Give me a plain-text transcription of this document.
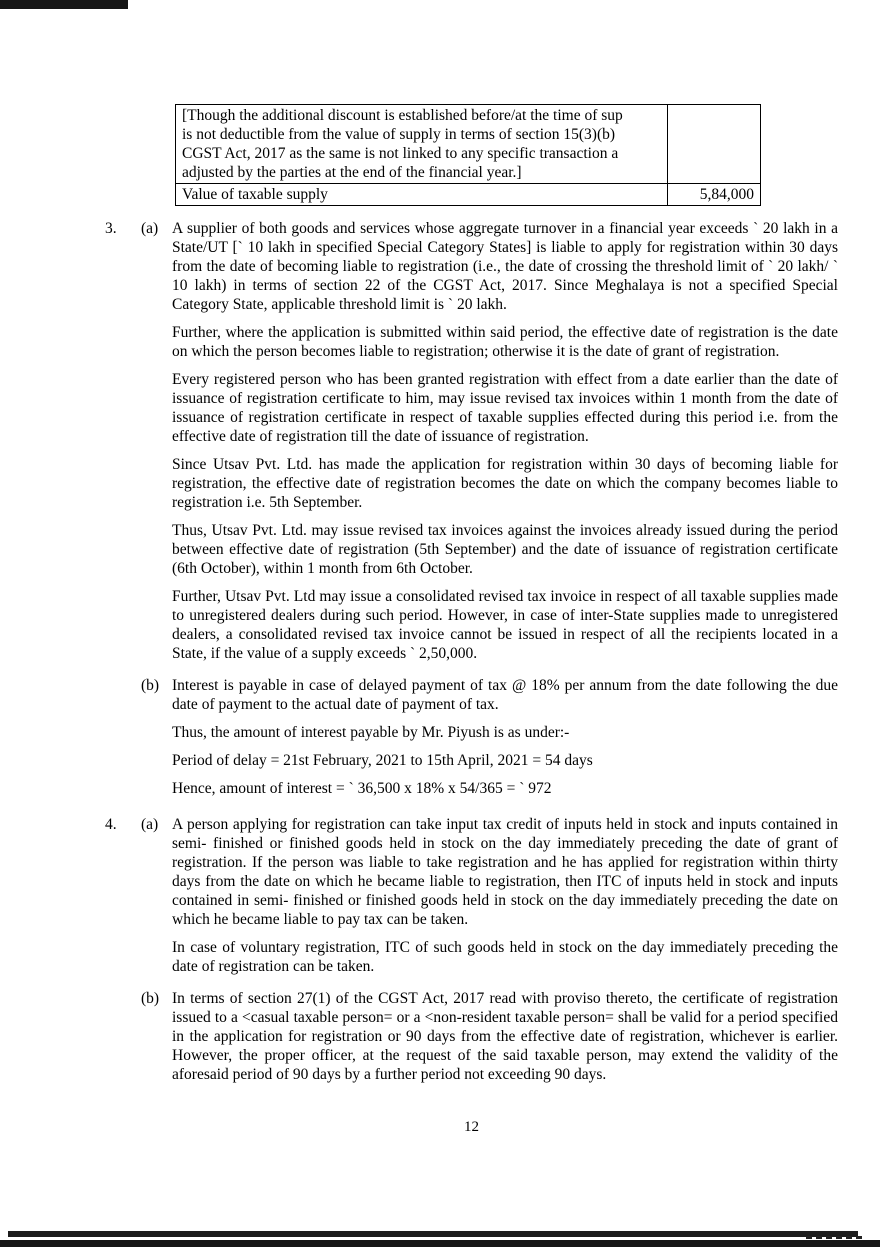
[Though the additional discount is established before/at the time of sup
is not deductible from the value of supply in terms of section 15(3)(b)
CGST Act, 2017 as the same is not linked to any specific transaction a
adjusted by the parties at the end of the financial year.]	

Value of taxable supply	5,84,000
3.	(a) A supplier of both goods and services whose aggregate turnover in a financial year exceeds ` 20 lakh in a State/UT [` 10 lakh in specified Special Category States] is liable to apply for registration within 30 days from the date of becoming liable to registration (i.e., the date of crossing the threshold limit of ` 20 lakh/ ` 10 lakh) in terms of section 22 of the CGST Act, 2017. Since Meghalaya is not a specified Special Category State, applicable threshold limit is ` 20 lakh.

Further, where the application is submitted within said period, the effective date of registration is the date on which the person becomes liable to registration; otherwise it is the date of grant of registration.

Every registered person who has been granted registration with effect from a date earlier than the date of issuance of registration certificate to him, may issue revised tax invoices within 1 month from the date of issuance of registration certificate in respect of taxable supplies effected during this period i.e. from the effective date of registration till the date of issuance of registration.

Since Utsav Pvt. Ltd. has made the application for registration within 30 days of becoming liable for registration, the effective date of registration becomes the date on which the company becomes liable to registration i.e. 5th September.

Thus, Utsav Pvt. Ltd. may issue revised tax invoices against the invoices already issued during the period between effective date of registration (5th September) and the date of issuance of registration certificate (6th October), within 1 month from 6th October.

Further, Utsav Pvt. Ltd may issue a consolidated revised tax invoice in respect of all taxable supplies made to unregistered dealers during such period. However, in case of inter-State supplies made to unregistered dealers, a consolidated revised tax invoice cannot be issued in respect of all the recipients located in a State, if the value of a supply exceeds ` 2,50,000.

(b) Interest is payable in case of delayed payment of tax @ 18% per annum from the date following the due date of payment to the actual date of payment of tax.

Thus, the amount of interest payable by Mr. Piyush is as under:-

Period of delay = 21st February, 2021 to 15th April, 2021 = 54 days

Hence, amount of interest = ` 36,500 x 18% x 54/365 = ` 972

4.	(a) A person applying for registration can take input tax credit of inputs held in stock and inputs contained in semi- finished or finished goods held in stock on the day immediately preceding the date of grant of registration. If the person was liable to take registration and he has applied for registration within thirty days from the date on which he became liable to registration, then ITC of inputs held in stock and inputs contained in semi- finished or finished goods held in stock on the day immediately preceding the date on which he became liable to pay tax can be taken.

In case of voluntary registration, ITC of such goods held in stock on the day immediately preceding the date of registration can be taken.

(b) In terms of section 27(1) of the CGST Act, 2017 read with proviso thereto, the certificate of registration issued to a <casual taxable person= or a <non-resident taxable person= shall be valid for a period specified in the application for registration or 90 days from the effective date of registration, whichever is earlier. However, the proper officer, at the request of the said taxable person, may extend the validity of the aforesaid period of 90 days by a further period not exceeding 90 days.

12
